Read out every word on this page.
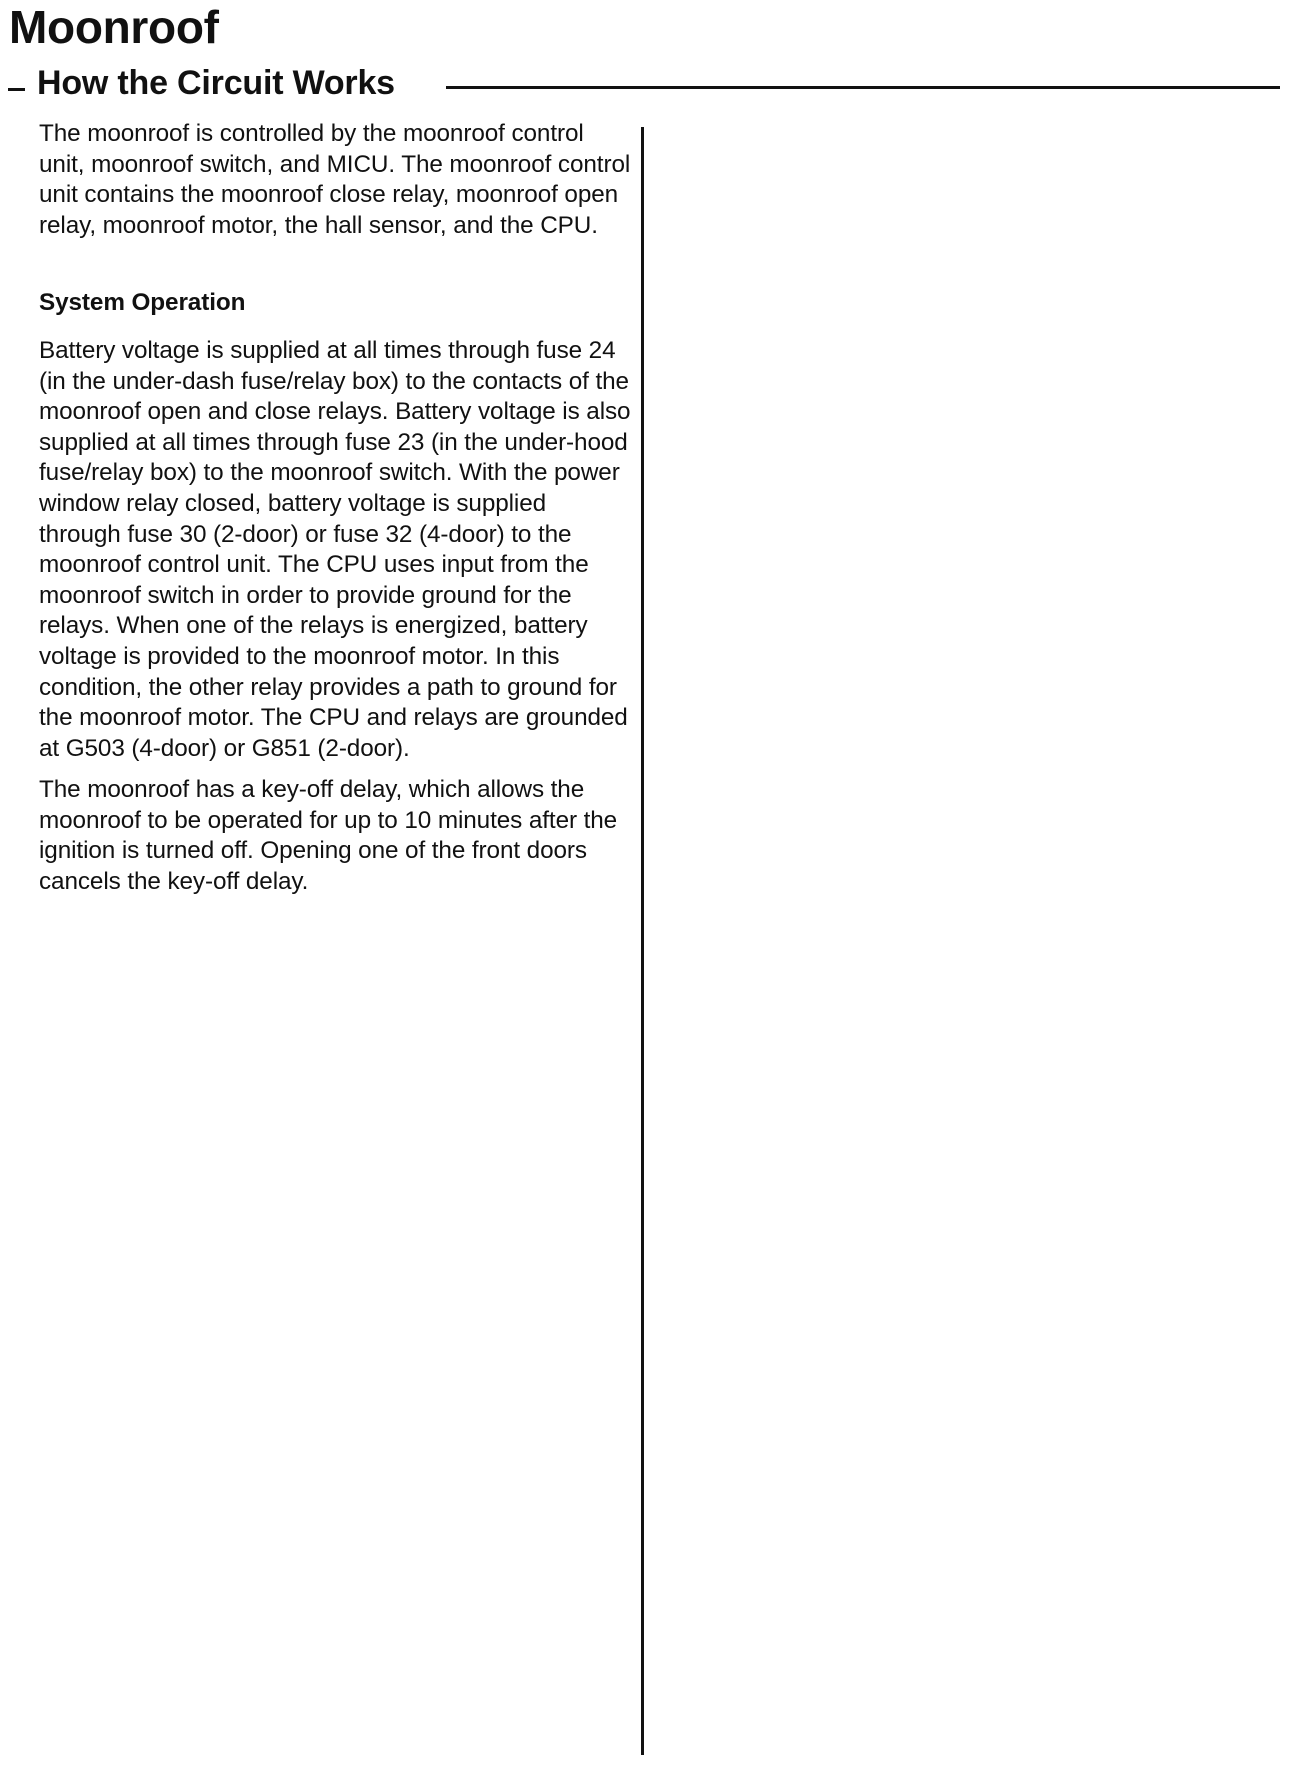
Moonroof
How the Circuit Works

The moonroof is controlled by the moonroof control unit, moonroof switch, and MICU. The moonroof control unit contains the moonroof close relay, moonroof open relay, moonroof motor, the hall sensor, and the CPU.

System Operation

Battery voltage is supplied at all times through fuse 24 (in the under-dash fuse/relay box) to the contacts of the moonroof open and close relays. Battery voltage is also supplied at all times through fuse 23 (in the under-hood fuse/relay box) to the moonroof switch. With the power window relay closed, battery voltage is supplied through fuse 30 (2-door) or fuse 32 (4-door) to the moonroof control unit. The CPU uses input from the moonroof switch in order to provide ground for the relays. When one of the relays is energized, battery voltage is provided to the moonroof motor. In this condition, the other relay provides a path to ground for the moonroof motor. The CPU and relays are grounded at G503 (4-door) or G851 (2-door).

The moonroof has a key-off delay, which allows the moonroof to be operated for up to 10 minutes after the ignition is turned off. Opening one of the front doors cancels the key-off delay.
